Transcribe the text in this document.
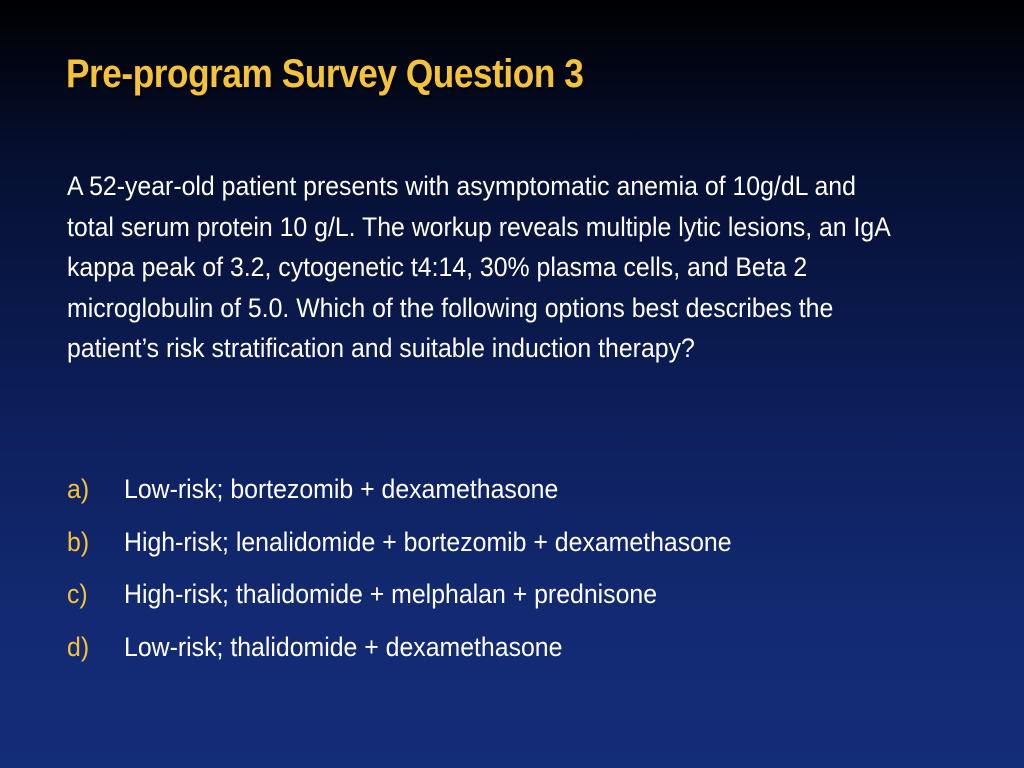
Pre-program Survey Question 3

A 52-year-old patient presents with asymptomatic anemia of 10g/dL and total serum protein 10 g/L. The workup reveals multiple lytic lesions, an IgA kappa peak of 3.2, cytogenetic t4:14, 30% plasma cells, and Beta 2 microglobulin of 5.0. Which of the following options best describes the patient’s risk stratification and suitable induction therapy?

a)	Low-risk; bortezomib + dexamethasone
b)	High-risk; lenalidomide + bortezomib + dexamethasone
c)	High-risk; thalidomide + melphalan + prednisone
d)	Low-risk; thalidomide + dexamethasone
